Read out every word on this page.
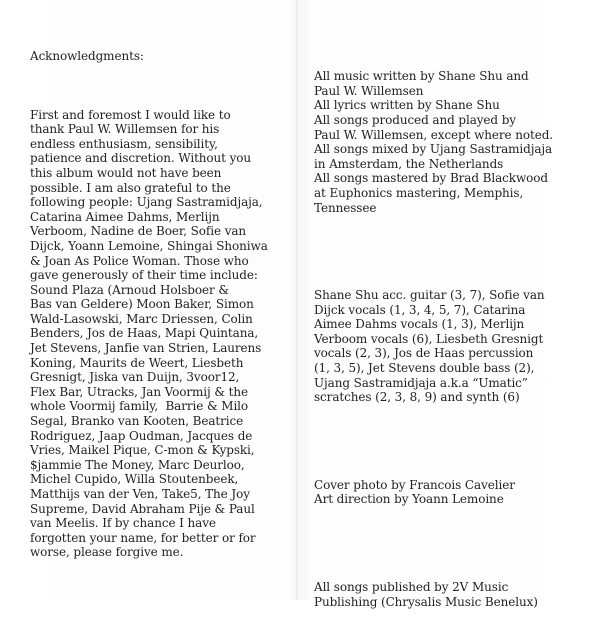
Acknowledgments:

First and foremost I would like to
thank Paul W. Willemsen for his
endless enthusiasm, sensibility,
patience and discretion. Without you
this album would not have been
possible. I am also grateful to the
following people: Ujang Sastramidjaja,
Catarina Aimee Dahms, Merlijn
Verboom, Nadine de Boer, Sofie van
Dijck, Yoann Lemoine, Shingai Shoniwa
& Joan As Police Woman. Those who
gave generously of their time include:
Sound Plaza (Arnoud Holsboer &
Bas van Geldere) Moon Baker, Simon
Wald-Lasowski, Marc Driessen, Colin
Benders, Jos de Haas, Mapi Quintana,
Jet Stevens, Janfie van Strien, Laurens
Koning, Maurits de Weert, Liesbeth
Gresnigt, Jiska van Duijn, 3voor12,
Flex Bar, Utracks, Jan Voormij & the
whole Voormij family,  Barrie & Milo
Segal, Branko van Kooten, Beatrice
Rodriguez, Jaap Oudman, Jacques de
Vries, Maikel Pique, C-mon & Kypski,
$jammie The Money, Marc Deurloo,
Michel Cupido, Willa Stoutenbeek,
Matthijs van der Ven, Take5, The Joy
Supreme, David Abraham Pije & Paul
van Meelis. If by chance I have
forgotten your name, for better or for
worse, please forgive me.

All music written by Shane Shu and
Paul W. Willemsen
All lyrics written by Shane Shu
All songs produced and played by
Paul W. Willemsen, except where noted.
All songs mixed by Ujang Sastramidjaja
in Amsterdam, the Netherlands
All songs mastered by Brad Blackwood
at Euphonics mastering, Memphis,
Tennessee

Shane Shu acc. guitar (3, 7), Sofie van
Dijck vocals (1, 3, 4, 5, 7), Catarina
Aimee Dahms vocals (1, 3), Merlijn
Verboom vocals (6), Liesbeth Gresnigt
vocals (2, 3), Jos de Haas percussion
(1, 3, 5), Jet Stevens double bass (2),
Ujang Sastramidjaja a.k.a “Umatic”
scratches (2, 3, 8, 9) and synth (6)

Cover photo by Francois Cavelier
Art direction by Yoann Lemoine

All songs published by 2V Music
Publishing (Chrysalis Music Benelux)
